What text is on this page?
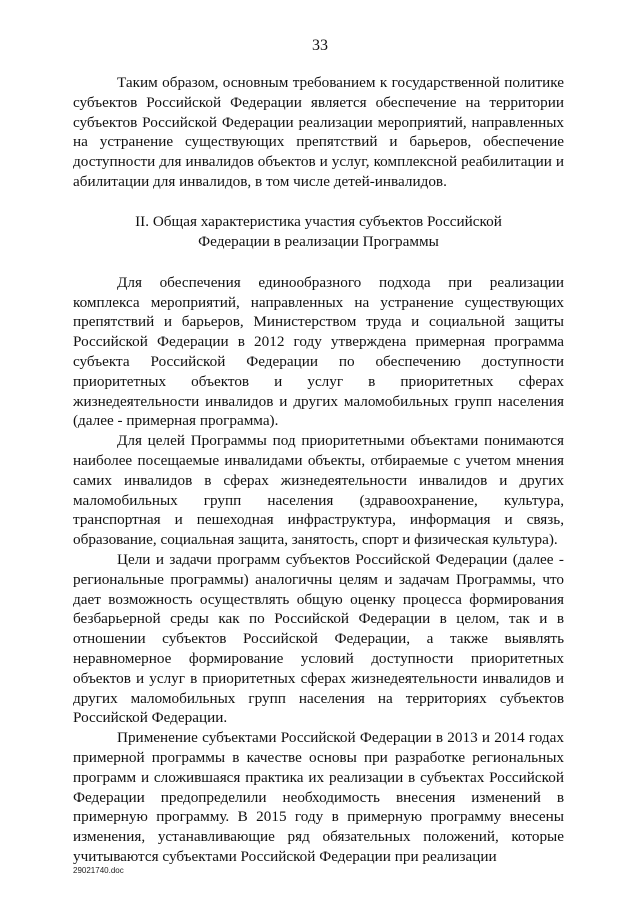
33

Таким образом, основным требованием к государственной политике субъектов Российской Федерации является обеспечение на территории субъектов Российской Федерации реализации мероприятий, направленных на устранение существующих препятствий и барьеров, обеспечение доступности для инвалидов объектов и услуг, комплексной реабилитации и абилитации для инвалидов, в том числе детей-инвалидов.

II. Общая характеристика участия субъектов Российской
Федерации в реализации Программы

Для обеспечения единообразного подхода при реализации комплекса мероприятий, направленных на устранение существующих препятствий и барьеров, Министерством труда и социальной защиты Российской Федерации в 2012 году утверждена примерная программа субъекта Российской Федерации по обеспечению доступности приоритетных объектов и услуг в приоритетных сферах жизнедеятельности инвалидов и других маломобильных групп населения (далее - примерная программа).

Для целей Программы под приоритетными объектами понимаются наиболее посещаемые инвалидами объекты, отбираемые с учетом мнения самих инвалидов в сферах жизнедеятельности инвалидов и других маломобильных групп населения (здравоохранение, культура, транспортная и пешеходная инфраструктура, информация и связь, образование, социальная защита, занятость, спорт и физическая культура).

Цели и задачи программ субъектов Российской Федерации (далее - региональные программы) аналогичны целям и задачам Программы, что дает возможность осуществлять общую оценку процесса формирования безбарьерной среды как по Российской Федерации в целом, так и в отношении субъектов Российской Федерации, а также выявлять неравномерное формирование условий доступности приоритетных объектов и услуг в приоритетных сферах жизнедеятельности инвалидов и других маломобильных групп населения на территориях субъектов Российской Федерации.

Применение субъектами Российской Федерации в 2013 и 2014 годах примерной программы в качестве основы при разработке региональных программ и сложившаяся практика их реализации в субъектах Российской Федерации предопределили необходимость внесения изменений в примерную программу. В 2015 году в примерную программу внесены изменения, устанавливающие ряд обязательных положений, которые учитываются субъектами Российской Федерации при реализации

29021740.doc
